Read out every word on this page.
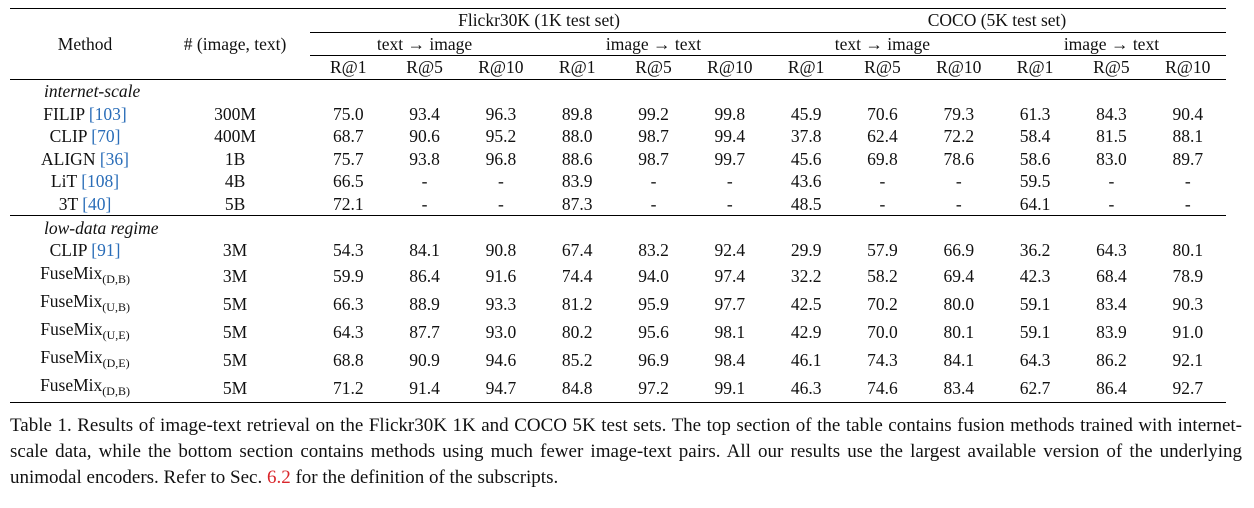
Method	# (image, text)	Flickr30K (1K test set)						COCO (5K test set)					
		text → image			image → text			text → image			image → text		
		R@1	R@5	R@10	R@1	R@5	R@10	R@1	R@5	R@10	R@1	R@5	R@10
internet-scale													
FILIP [103]	300M	75.0	93.4	96.3	89.8	99.2	99.8	45.9	70.6	79.3	61.3	84.3	90.4
CLIP [70]	400M	68.7	90.6	95.2	88.0	98.7	99.4	37.8	62.4	72.2	58.4	81.5	88.1
ALIGN [36]	1B	75.7	93.8	96.8	88.6	98.7	99.7	45.6	69.8	78.6	58.6	83.0	89.7
LiT [108]	4B	66.5	-	-	83.9	-	-	43.6	-	-	59.5	-	-
3T [40]	5B	72.1	-	-	87.3	-	-	48.5	-	-	64.1	-	-
low-data regime													
CLIP [91]	3M	54.3	84.1	90.8	67.4	83.2	92.4	29.9	57.9	66.9	36.2	64.3	80.1
FuseMix$_{(D,B)}$	3M	59.9	86.4	91.6	74.4	94.0	97.4	32.2	58.2	69.4	42.3	68.4	78.9
FuseMix$_{(U,B)}$	5M	66.3	88.9	93.3	81.2	95.9	97.7	42.5	70.2	80.0	59.1	83.4	90.3
FuseMix$_{(U,E)}$	5M	64.3	87.7	93.0	80.2	95.6	98.1	42.9	70.0	80.1	59.1	83.9	91.0
FuseMix$_{(D,E)}$	5M	68.8	90.9	94.6	85.2	96.9	98.4	46.1	74.3	84.1	64.3	86.2	92.1
FuseMix$_{(D,B)}$	5M	71.2	91.4	94.7	84.8	97.2	99.1	46.3	74.6	83.4	62.7	86.4	92.7
Table 1. Results of image-text retrieval on the Flickr30K 1K and COCO 5K test sets. The top section of the table contains fusion methods trained with internet-scale data, while the bottom section contains methods using much fewer image-text pairs. All our results use the largest available version of the underlying unimodal encoders. Refer to Sec. 6.2 for the definition of the subscripts.
